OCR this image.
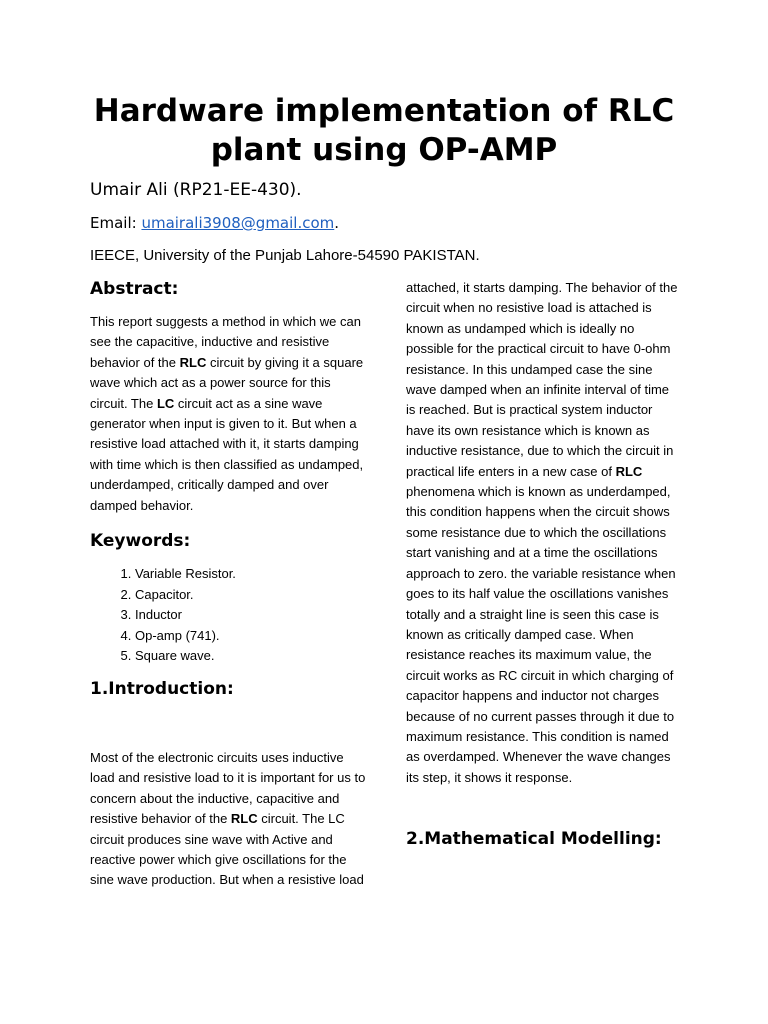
Hardware implementation of RLC plant using OP-AMP

Umair Ali (RP21-EE-430).

Email: umairali3908@gmail.com.

IEECE, University of the Punjab Lahore-54590 PAKISTAN.

Abstract:

This report suggests a method in which we can see the capacitive, inductive and resistive behavior of the RLC circuit by giving it a square wave which act as a power source for this circuit. The LC circuit act as a sine wave generator when input is given to it. But when a resistive load attached with it, it starts damping with time which is then classified as undamped, underdamped, critically damped and over damped behavior.

Keywords:
1. Variable Resistor.
2. Capacitor.
3. Inductor
4. Op-amp (741).
5. Square wave.
1.Introduction:

Most of the electronic circuits uses inductive load and resistive load to it is important for us to concern about the inductive, capacitive and resistive behavior of the RLC circuit. The LC circuit produces sine wave with Active and reactive power which give oscillations for the sine wave production. But when a resistive load

attached, it starts damping. The behavior of the circuit when no resistive load is attached is known as undamped which is ideally no possible for the practical circuit to have 0-ohm resistance. In this undamped case the sine wave damped when an infinite interval of time is reached. But is practical system inductor have its own resistance which is known as inductive resistance, due to which the circuit in practical life enters in a new case of RLC phenomena which is known as underdamped, this condition happens when the circuit shows some resistance due to which the oscillations start vanishing and at a time the oscillations approach to zero. the variable resistance when goes to its half value the oscillations vanishes totally and a straight line is seen this case is known as critically damped case. When resistance reaches its maximum value, the circuit works as RC circuit in which charging of capacitor happens and inductor not charges because of no current passes through it due to maximum resistance. This condition is named as overdamped. Whenever the wave changes its step, it shows it response.

2.Mathematical Modelling:
